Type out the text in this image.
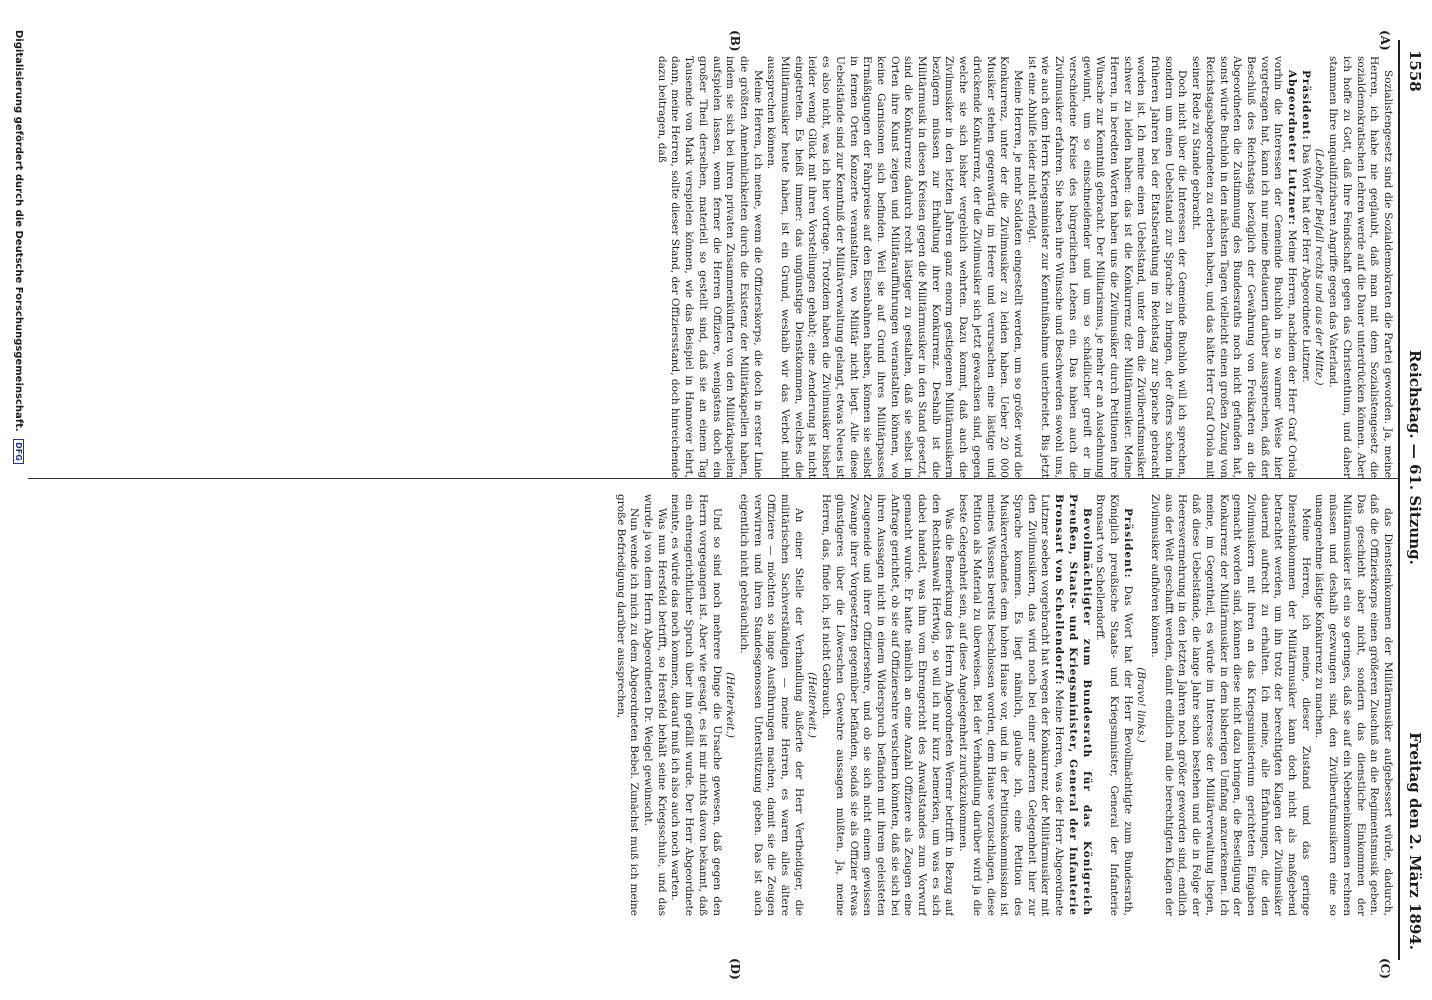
1558
Reichstag. — 61. Sitzung.
Freitag den 2. März 1894.
(A)
(B)
(C)
(D)

Sozialistengesetz sind die Sozialdemokraten die Partei geworden. Ja, meine Herren, ich habe nie geglaubt, daß man mit dem Sozialistengesetz die sozialdemokratischen Lehren werde auf die Dauer unterdrücken können. Aber ich hoffe zu Gott, daß Ihre Feindschaft gegen das Christenthum, und daher stammen Ihre unqualifizirbaren Angriffe gegen das Vaterland.

(Lebhafter Beifall rechts und aus der Mitte.)

Präsident: Das Wort hat der Herr Abgeordnete Lutzner.

Abgeordneter Lutzner: Meine Herren, nachdem der Herr Graf Oriola vorhin die Interessen der Gemeinde Buchloh in so warmer Weise hier vorgetragen hat, kann ich nur meine Bedauern darüber aussprechen, daß der Beschluß des Reichstags bezüglich der Gewährung von Freikarten an die Abgeordneten die Zustimmung des Bundesraths noch nicht gefunden hat, sonst würde Buchloh in den nächsten Tagen vielleicht einen großen Zuzug von Reichstagsabgeordneten zu erleben haben, und das hätte Herr Graf Oriola mit seiner Rede zu Stande gebracht.

Doch nicht über die Interessen der Gemeinde Buchloh will ich sprechen, sondern um einen Uebelstand zur Sprache zu bringen, der öfters schon in früheren Jahren bei der Etatsberathung im Reichstag zur Sprache gebracht worden ist. Ich meine einen Uebelstand, unter dem die Zivilberufsmusiker schwer zu leiden haben: das ist die Konkurrenz der Militärmusiker. Meine Herren, in beredten Worten haben uns die Zivilmusiker durch Petitionen ihre Wünsche zur Kenntniß gebracht. Der Militarismus, je mehr er an Ausdehnung gewinnt, um so einschneidender und um so schädlicher greift er in verschiedene Kreise des bürgerlichen Lebens ein. Das haben auch die Zivilmusiker erfahren. Sie haben ihre Wünsche und Beschwerden sowohl uns, wie auch dem Herrn Kriegsminister zur Kenntnißnahme unterbreitet. Bis jetzt ist eine Abhilfe leider nicht erfolgt.

Meine Herren, je mehr Soldaten eingestellt werden, um so größer wird die Konkurrenz, unter der die Zivilmusiker zu leiden haben. Ueber 20 000 Musiker stehen gegenwärtig im Heere und verursachen eine lästige und drückende Konkurrenz, der die Zivilmusiker sich jetzt gewachsen sind, gegen welche sie sich bisher vergeblich wehrten. Dazu kommt, daß auch die Zivilmusiker in den letzten Jahren ganz enorm gestiegenen Militärmusikern bezügern müssen zur Erhaltung ihrer Konkurrenz. Deshalb ist die Militärmusik in diesen Kreisen gegen die Militärmusiker in den Stand gesetzt, sind die Konkurrenz dadurch recht lästiger zu gestalten, daß sie selbst in Orten ihre Kunst zeigen und Militäraufführungen veranstalten können, wo keine Garnisonen sich befinden. Weil sie auf Grund ihres Militärpasses Ermäßigungen der Fahrpreise auf den Eisenbahnen haben, können sie selbst in fernen Orten Konzerte veranstalten, wo Militär nicht liegt. Alle diese Uebelstände sind zur Kenntniß der Militärverwaltung gelangt, etwas Neues ist es also nicht, was ich hier vortrage. Trotzdem haben die Zivilmusiker bisher leider wenig Glück mit ihren Vorstellungen gehabt; eine Aenderung ist nicht eingetreten. Es heißt immer: das ungünstige Dienstkommen, welches die Militärmusiker heute haben, ist ein Grund, weshalb wir das Verbot nicht aussprechen können.

Meine Herren, ich meine, wenn die Offizierskorps, die doch in erster Linie die größten Annehmlichkeiten durch die Existenz der Militärkapellen haben, indem sie sich bei ihren privaten Zusammenkünften von den Militärkapellen aufspielen lassen, wenn ferner die Herren Offiziere, wenigstens doch ein großer Theil derselben, materiell so gestellt sind, daß sie an einem Tag Tausende von Mark verspielen können, wie das Beispiel in Hannover lehrt, dann, meine Herren, sollte dieser Stand, der Offiziersstand, doch hinreichende dazu beitragen, daß

das Diensteinkommen der Militärmusiker aufgebessert würde, dadurch, daß die Offizierkorps einen größeren Zuschuß an die Regimentsmusik geben. Das geschieht aber nicht, sondern das dienstliche Einkommen der Militärmusiker ist ein so geringes, daß sie auf ein Nebeneinkommen rechnen müssen und deshalb gezwungen sind, den Zivilberufsmusikern eine so unangenehme lästige Konkurrenz zu machen.

Meine Herren, ich meine, dieser Zustand und das geringe Diensteinkommen der Militärmusiker kann doch nicht als maßgebend betrachtet werden, um ihn trotz der berechtigten Klagen der Zivilmusiker dauernd aufrecht zu erhalten. Ich meine, alle Erfahrungen, die den Zivilmusikern mit ihren an das Kriegsministerium gerichteten Eingaben gemacht worden sind, können diese nicht dazu bringen, die Beseitigung der Konkurrenz der Militärmusiker in dem bisherigen Umfang anzuerkennen. Ich meine, im Gegentheil, es würde im Interesse der Militärverwaltung liegen, daß diese Uebelstände, die lange Jahre schon bestehen und die in Folge der Heeresvermehrung in den letzten Jahren noch größer geworden sind, endlich aus der Welt geschafft werden, damit endlich mal die berechtigten Klagen der Zivilmusiker aufhören können.

(Bravo! links.)

Präsident: Das Wort hat der Herr Bevollmächtigte zum Bundesrath, Königlich preußische Staats- und Kriegsminister, General der Infanterie Bronsart von Schellendorff.

Bevollmächtigter zum Bundesrath für das Königreich Preußen, Staats- und Kriegsminister, General der Infanterie Bronsart von Schellendorff: Meine Herren, was der Herr Abgeordnete Lutzner soeben vorgebracht hat wegen der Konkurrenz der Militärmusiker mit den Zivilmusikern, das wird noch bei einer anderen Gelegenheit hier zur Sprache kommen. Es liegt nämlich, glaube ich, eine Petition des Musikerverbandes dem hohen Hause vor, und in der Petitionskommission ist meines Wissens bereits beschlossen worden, dem Hause vorzuschlagen, diese Petition als Material zu überweisen. Bei der Verhandlung darüber wird ja die beste Gelegenheit sein, auf diese Angelegenheit zurückzukommen.

Was die Bemerkung des Herrn Abgeordneten Werner betrifft in Bezug auf den Rechtsanwalt Hertwig, so will ich nur kurz bemerken, um was es sich dabei handelt, was ihm vom Ehrengericht des Anwaltstandes zum Vorwurf gemacht wurde. Er hatte nämlich an eine Anzahl Offiziere als Zeugen eine Anfrage gerichtet, ob sie auf Offiziersehre versichern könnten, daß sie sich bei ihren Aussagen nicht in einem Widerspruch befänden mit ihrem geleisteten Zeugeneide und ihrer Offiziersehre, und ob sie sich nicht einem gewissen Zwange ihrer Vorgesetzten gegenüber befänden, sodaß sie als Offizier etwas günstigeres über die Löweschen Gewehre aussagen müßten. Ja, meine Herren, das, finde ich, ist nicht Gebrauch.

(Heiterkeit.)

An einer Stelle der Verhandlung äußerte der Herr Vertheidiger, die militärischen Sachverständigen — meine Herren, es waren alles ältere Offiziere — möchten so lange Ausführungen machen, damit sie die Zeugen verwirren und ihren Standesgenossen Unterstützung geben. Das ist auch eigentlich nicht gebräuchlich.

(Heiterkeit.)

Und so sind noch mehrere Dinge die Ursache gewesen, daß gegen den Herrn vorgegangen ist. Aber wie gesagt, es ist mir nichts davon bekannt, daß ein ehrengerichtlicher Spruch über ihn gefällt wurde. Der Herr Abgeordnete meinte, es würde das noch kommen, darauf muß ich also auch noch warten.

Was nun Hersfeld betrifft, so Hersfeld behält seine Kriegsschule, und das wurde ja von dem Herrn Abgeordneten Dr. Weigel gewünscht.

Nun wende ich mich zu dem Abgeordneten Bebel. Zunächst muß ich meine große Befriedigung darüber aussprechen,

Digitalisierung gefördert durch die Deutsche Forschungsgemeinschaft. DFG
